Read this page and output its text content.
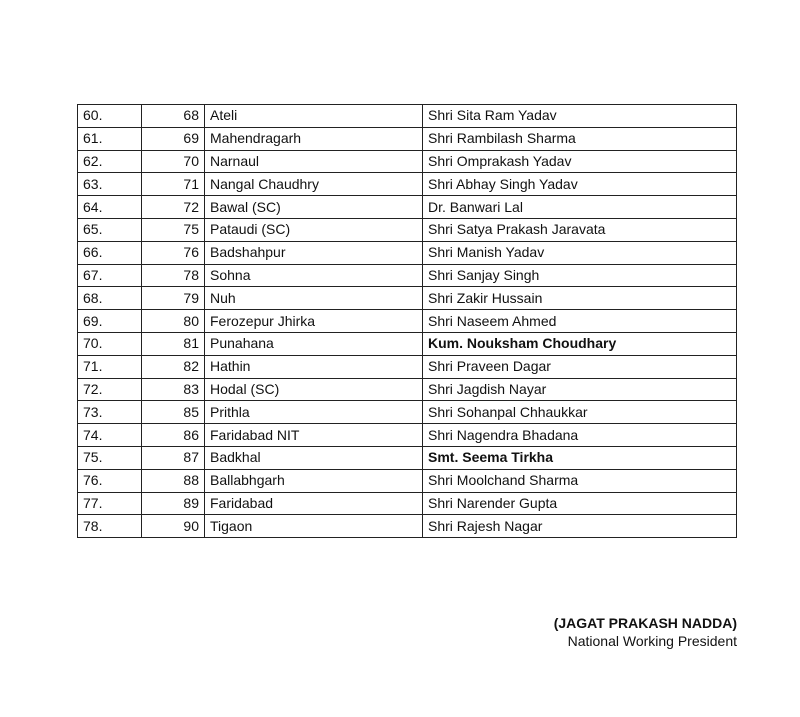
60.	68	Ateli	Shri Sita Ram Yadav
61.	69	Mahendragarh	Shri Rambilash Sharma
62.	70	Narnaul	Shri Omprakash Yadav
63.	71	Nangal Chaudhry	Shri Abhay Singh Yadav
64.	72	Bawal (SC)	Dr. Banwari Lal
65.	75	Pataudi (SC)	Shri Satya Prakash Jaravata
66.	76	Badshahpur	Shri Manish Yadav
67.	78	Sohna	Shri Sanjay Singh
68.	79	Nuh	Shri Zakir Hussain
69.	80	Ferozepur Jhirka	Shri Naseem Ahmed
70.	81	Punahana	Kum. Nouksham Choudhary
71.	82	Hathin	Shri Praveen Dagar
72.	83	Hodal (SC)	Shri Jagdish Nayar
73.	85	Prithla	Shri Sohanpal Chhaukkar
74.	86	Faridabad NIT	Shri Nagendra Bhadana
75.	87	Badkhal	Smt. Seema Tirkha
76.	88	Ballabhgarh	Shri Moolchand Sharma
77.	89	Faridabad	Shri Narender Gupta
78.	90	Tigaon	Shri Rajesh Nagar
(JAGAT PRAKASH NADDA)
National Working President
